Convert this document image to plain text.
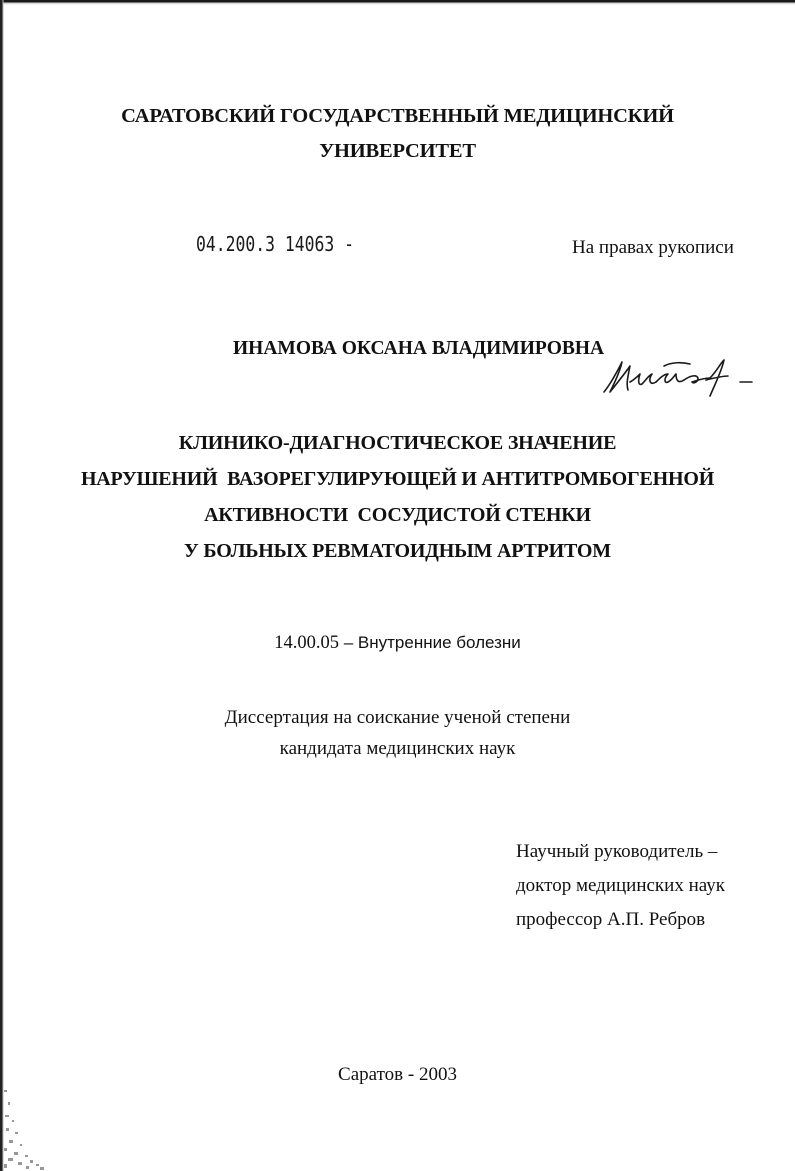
САРАТОВСКИЙ ГОСУДАРСТВЕННЫЙ МЕДИЦИНСКИЙ
УНИВЕРСИТЕТ
04.200.3 14063 -	На правах рукописи
ИНАМОВА ОКСАНА ВЛАДИМИРОВНА
КЛИНИКО-ДИАГНОСТИЧЕСКОЕ ЗНАЧЕНИЕ
НАРУШЕНИЙ  ВАЗОРЕГУЛИРУЮЩЕЙ И АНТИТРОМБОГЕННОЙ
АКТИВНОСТИ  СОСУДИСТОЙ СТЕНКИ
У БОЛЬНЫХ РЕВМАТОИДНЫМ АРТРИТОМ
14.00.05 – Внутренние болезни
Диссертация на соискание ученой степени
кандидата медицинских наук
Научный руководитель –
доктор медицинских наук
профессор А.П. Ребров
Саратов - 2003
